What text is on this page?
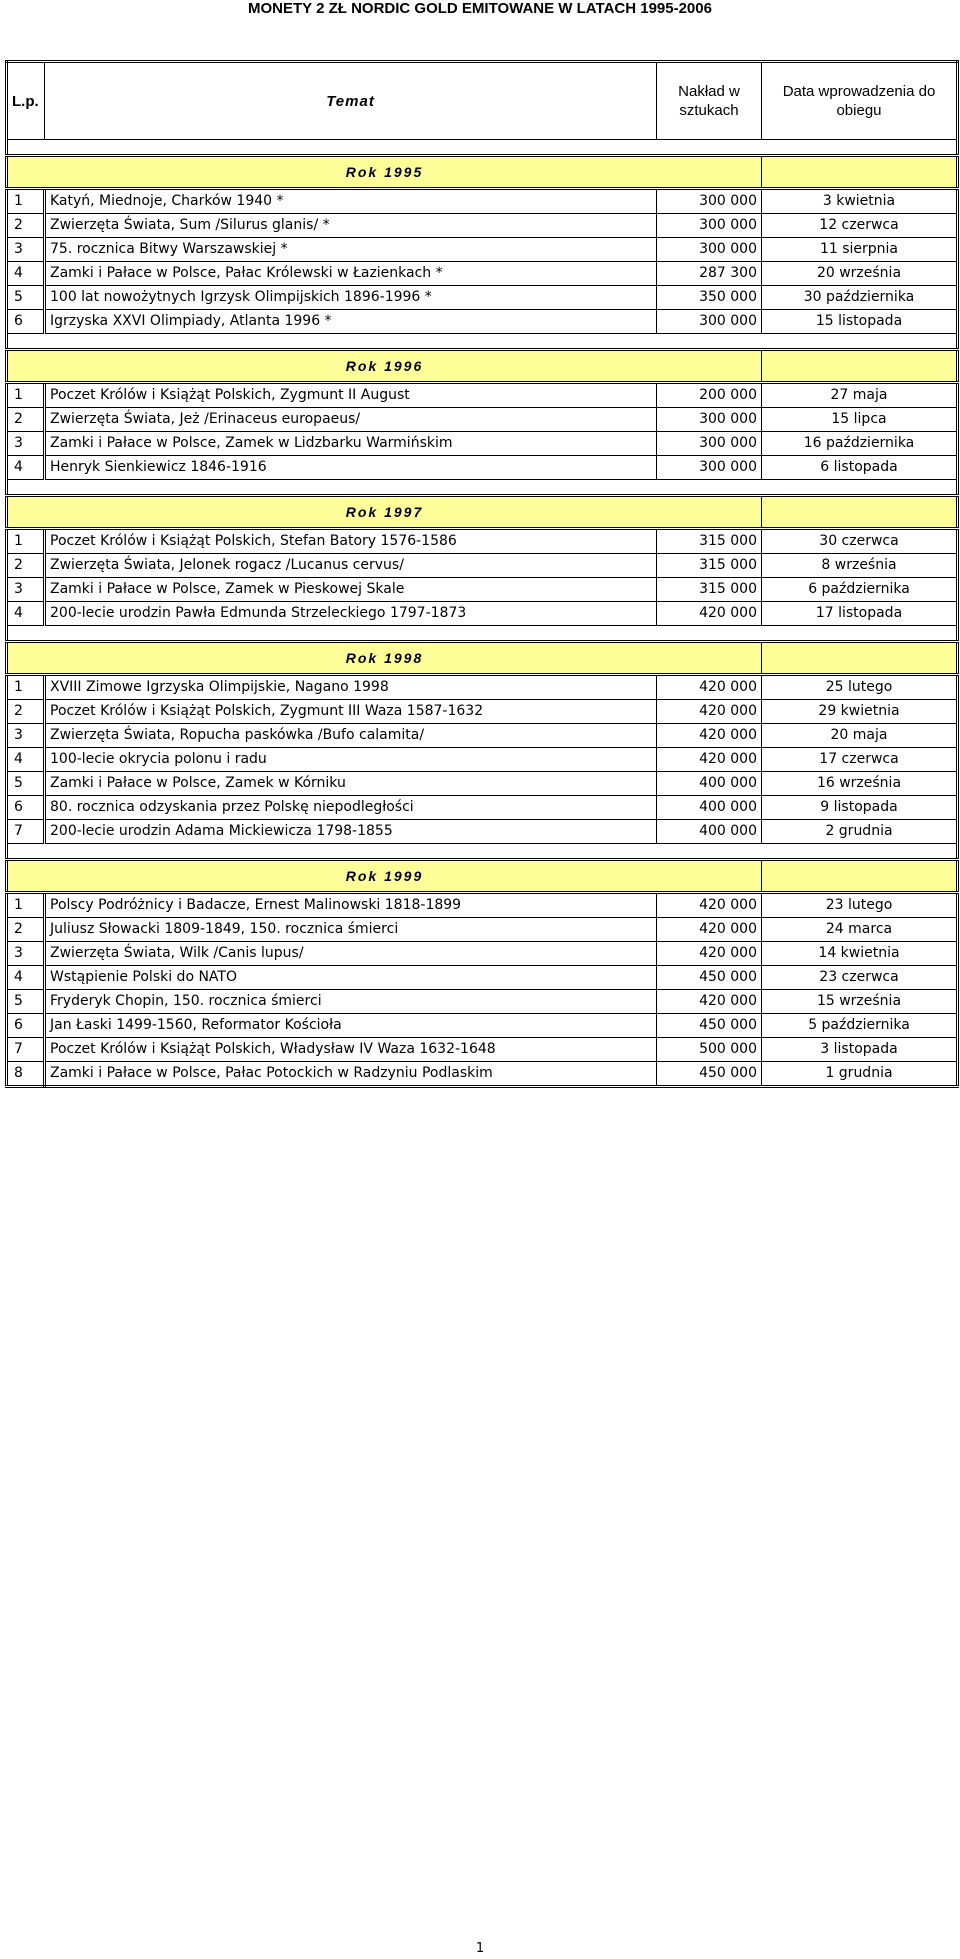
MONETY 2 ZŁ NORDIC GOLD EMITOWANE W LATACH 1995-2006
L.p.	Temat	Nakład w sztukach	Data wprowadzenia do obiegu

Rok 1995			
1	Katyń, Miednoje, Charków 1940 *	300 000	3 kwietnia
2	Zwierzęta Świata, Sum /Silurus glanis/ *	300 000	12 czerwca
3	75. rocznica Bitwy Warszawskiej *	300 000	11 sierpnia
4	Zamki i Pałace w Polsce, Pałac Królewski w Łazienkach *	287 300	20 września
5	100 lat nowożytnych Igrzysk Olimpijskich 1896-1996 *	350 000	30 października
6	Igrzyska XXVI Olimpiady, Atlanta 1996 *	300 000	15 listopada

Rok 1996			
1	Poczet Królów i Książąt Polskich, Zygmunt II August	200 000	27 maja
2	Zwierzęta Świata, Jeż /Erinaceus europaeus/	300 000	15 lipca
3	Zamki i Pałace w Polsce, Zamek w Lidzbarku Warmińskim	300 000	16 października
4	Henryk Sienkiewicz 1846-1916	300 000	6 listopada

Rok 1997			
1	Poczet Królów i Książąt Polskich, Stefan Batory 1576-1586	315 000	30 czerwca
2	Zwierzęta Świata, Jelonek rogacz /Lucanus cervus/	315 000	8 września
3	Zamki i Pałace w Polsce, Zamek w Pieskowej Skale	315 000	6 października
4	200-lecie urodzin Pawła Edmunda Strzeleckiego 1797-1873	420 000	17 listopada

Rok 1998			
1	XVIII Zimowe Igrzyska Olimpijskie, Nagano 1998	420 000	25 lutego
2	Poczet Królów i Książąt Polskich, Zygmunt III Waza 1587-1632	420 000	29 kwietnia
3	Zwierzęta Świata, Ropucha paskówka /Bufo calamita/	420 000	20 maja
4	100-lecie okrycia polonu i radu	420 000	17 czerwca
5	Zamki i Pałace w Polsce, Zamek w Kórniku	400 000	16 września
6	80. rocznica odzyskania przez Polskę niepodległości	400 000	9 listopada
7	200-lecie urodzin Adama Mickiewicza 1798-1855	400 000	2 grudnia

Rok 1999			
1	Polscy Podróżnicy i Badacze, Ernest Malinowski 1818-1899	420 000	23 lutego
2	Juliusz Słowacki 1809-1849, 150. rocznica śmierci	420 000	24 marca
3	Zwierzęta Świata, Wilk /Canis lupus/	420 000	14 kwietnia
4	Wstąpienie Polski do NATO	450 000	23 czerwca
5	Fryderyk Chopin, 150. rocznica śmierci	420 000	15 września
6	Jan Łaski 1499-1560, Reformator Kościoła	450 000	5 października
7	Poczet Królów i Książąt Polskich, Władysław IV Waza 1632-1648	500 000	3 listopada
8	Zamki i Pałace w Polsce, Pałac Potockich w Radzyniu Podlaskim	450 000	1 grudnia
1
